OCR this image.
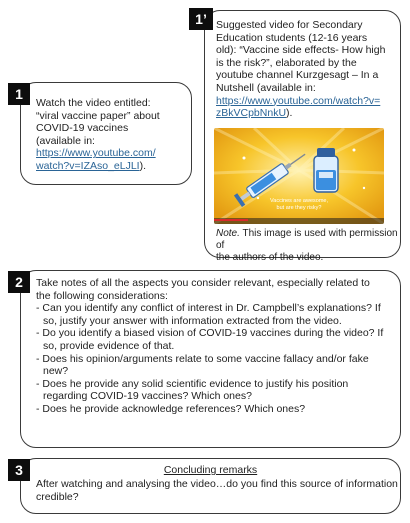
1
Watch the video entitled:
“viral vaccine paper” about
COVID-19 vaccines
(available in:
https://www.youtube.com/
watch?v=IZAso_eLJLI).
1’ Suggested video for Secondary
Education students (12-16 years
old): “Vaccine side effects- How high
is the risk?”, elaborated by the
youtube channel Kurzgesagt – In a
Nutshell (available in:
https://www.youtube.com/watch?v=
zBkVCpbNnkU).
Vaccines are awesome,
but are they risky?
Note. This image is used with permission of
the authors of the video.
2	Take notes of all the aspects you consider relevant, especially related to
the following considerations:
- Can you identify any conflict of interest in Dr. Campbell’s explanations? If
so, justify your answer with information extracted from the video.
- Do you identify a biased vision of COVID-19 vaccines during the video? If
so, provide evidence of that.
- Does his opinion/arguments relate to some vaccine fallacy and/or fake
new?
- Does he provide any solid scientific evidence to justify his position
regarding COVID-19 vaccines? Which ones?
- Does he provide acknowledge references? Which ones?
3	Concluding remarks
After watching and analysing the video…do you find this source of information
credible?
